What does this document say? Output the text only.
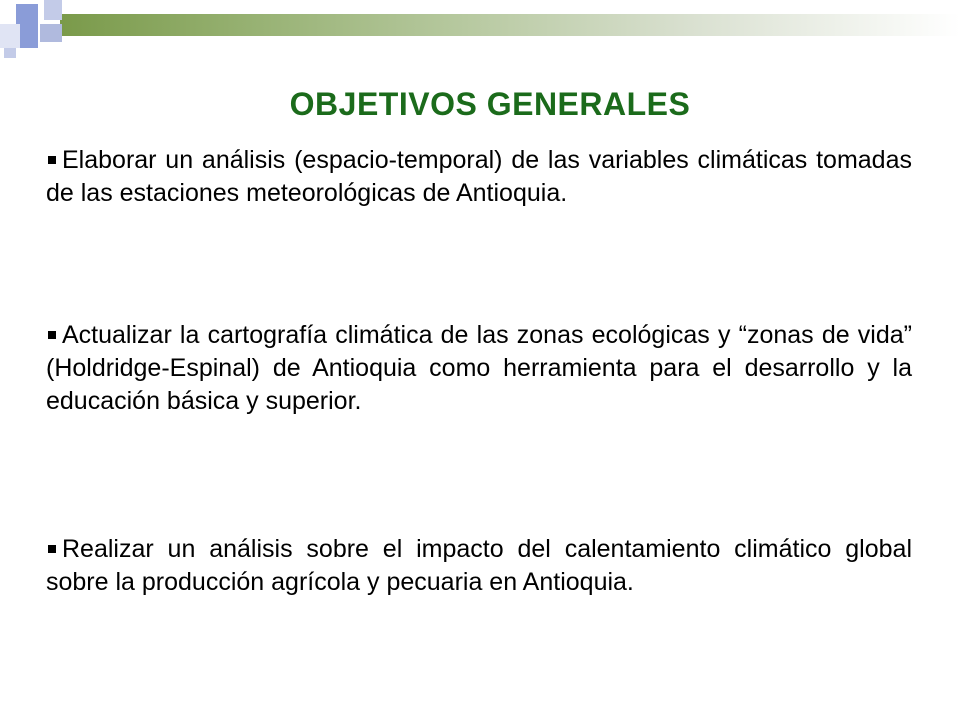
OBJETIVOS GENERALES
Elaborar un análisis (espacio-temporal) de las variables climáticas tomadas de las estaciones meteorológicas de Antioquia.
Actualizar la cartografía climática de las zonas ecológicas y “zonas de vida” (Holdridge-Espinal) de Antioquia como herramienta para el desarrollo y la educación básica y superior.
Realizar un análisis sobre el impacto del calentamiento climático global sobre la producción agrícola y pecuaria en Antioquia.
